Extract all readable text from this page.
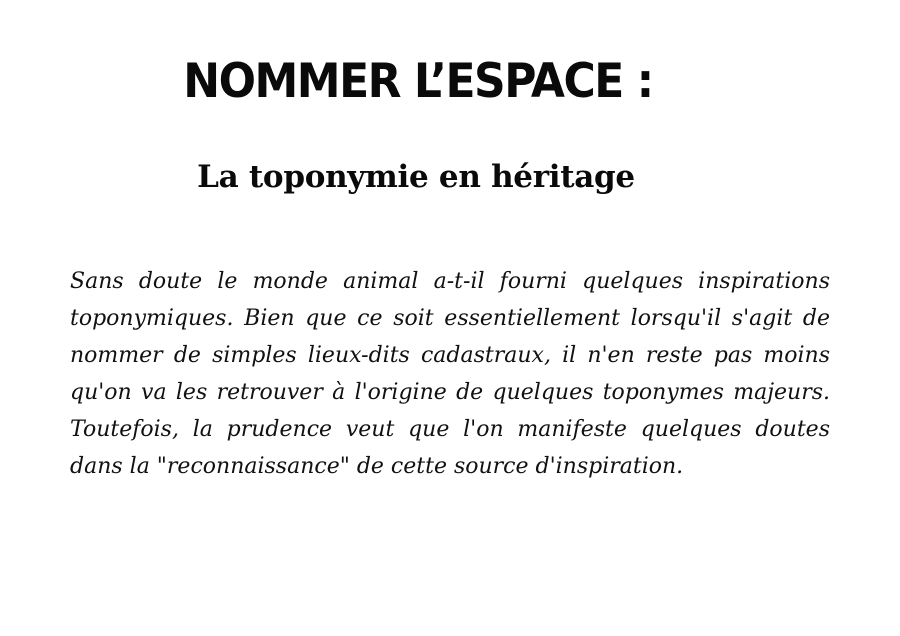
NOMMER L’ESPACE :
La toponymie en héritage

Sans doute le monde animal a-t-il fourni quelques inspirations toponymiques. Bien que ce soit essentiellement lorsqu'il s'agit de nommer de simples lieux-dits cadastraux, il n'en reste pas moins qu'on va les retrouver à l'origine de quelques toponymes majeurs. Toutefois, la prudence veut que l'on manifeste quelques doutes dans la "reconnaissance" de cette source d'inspiration.
